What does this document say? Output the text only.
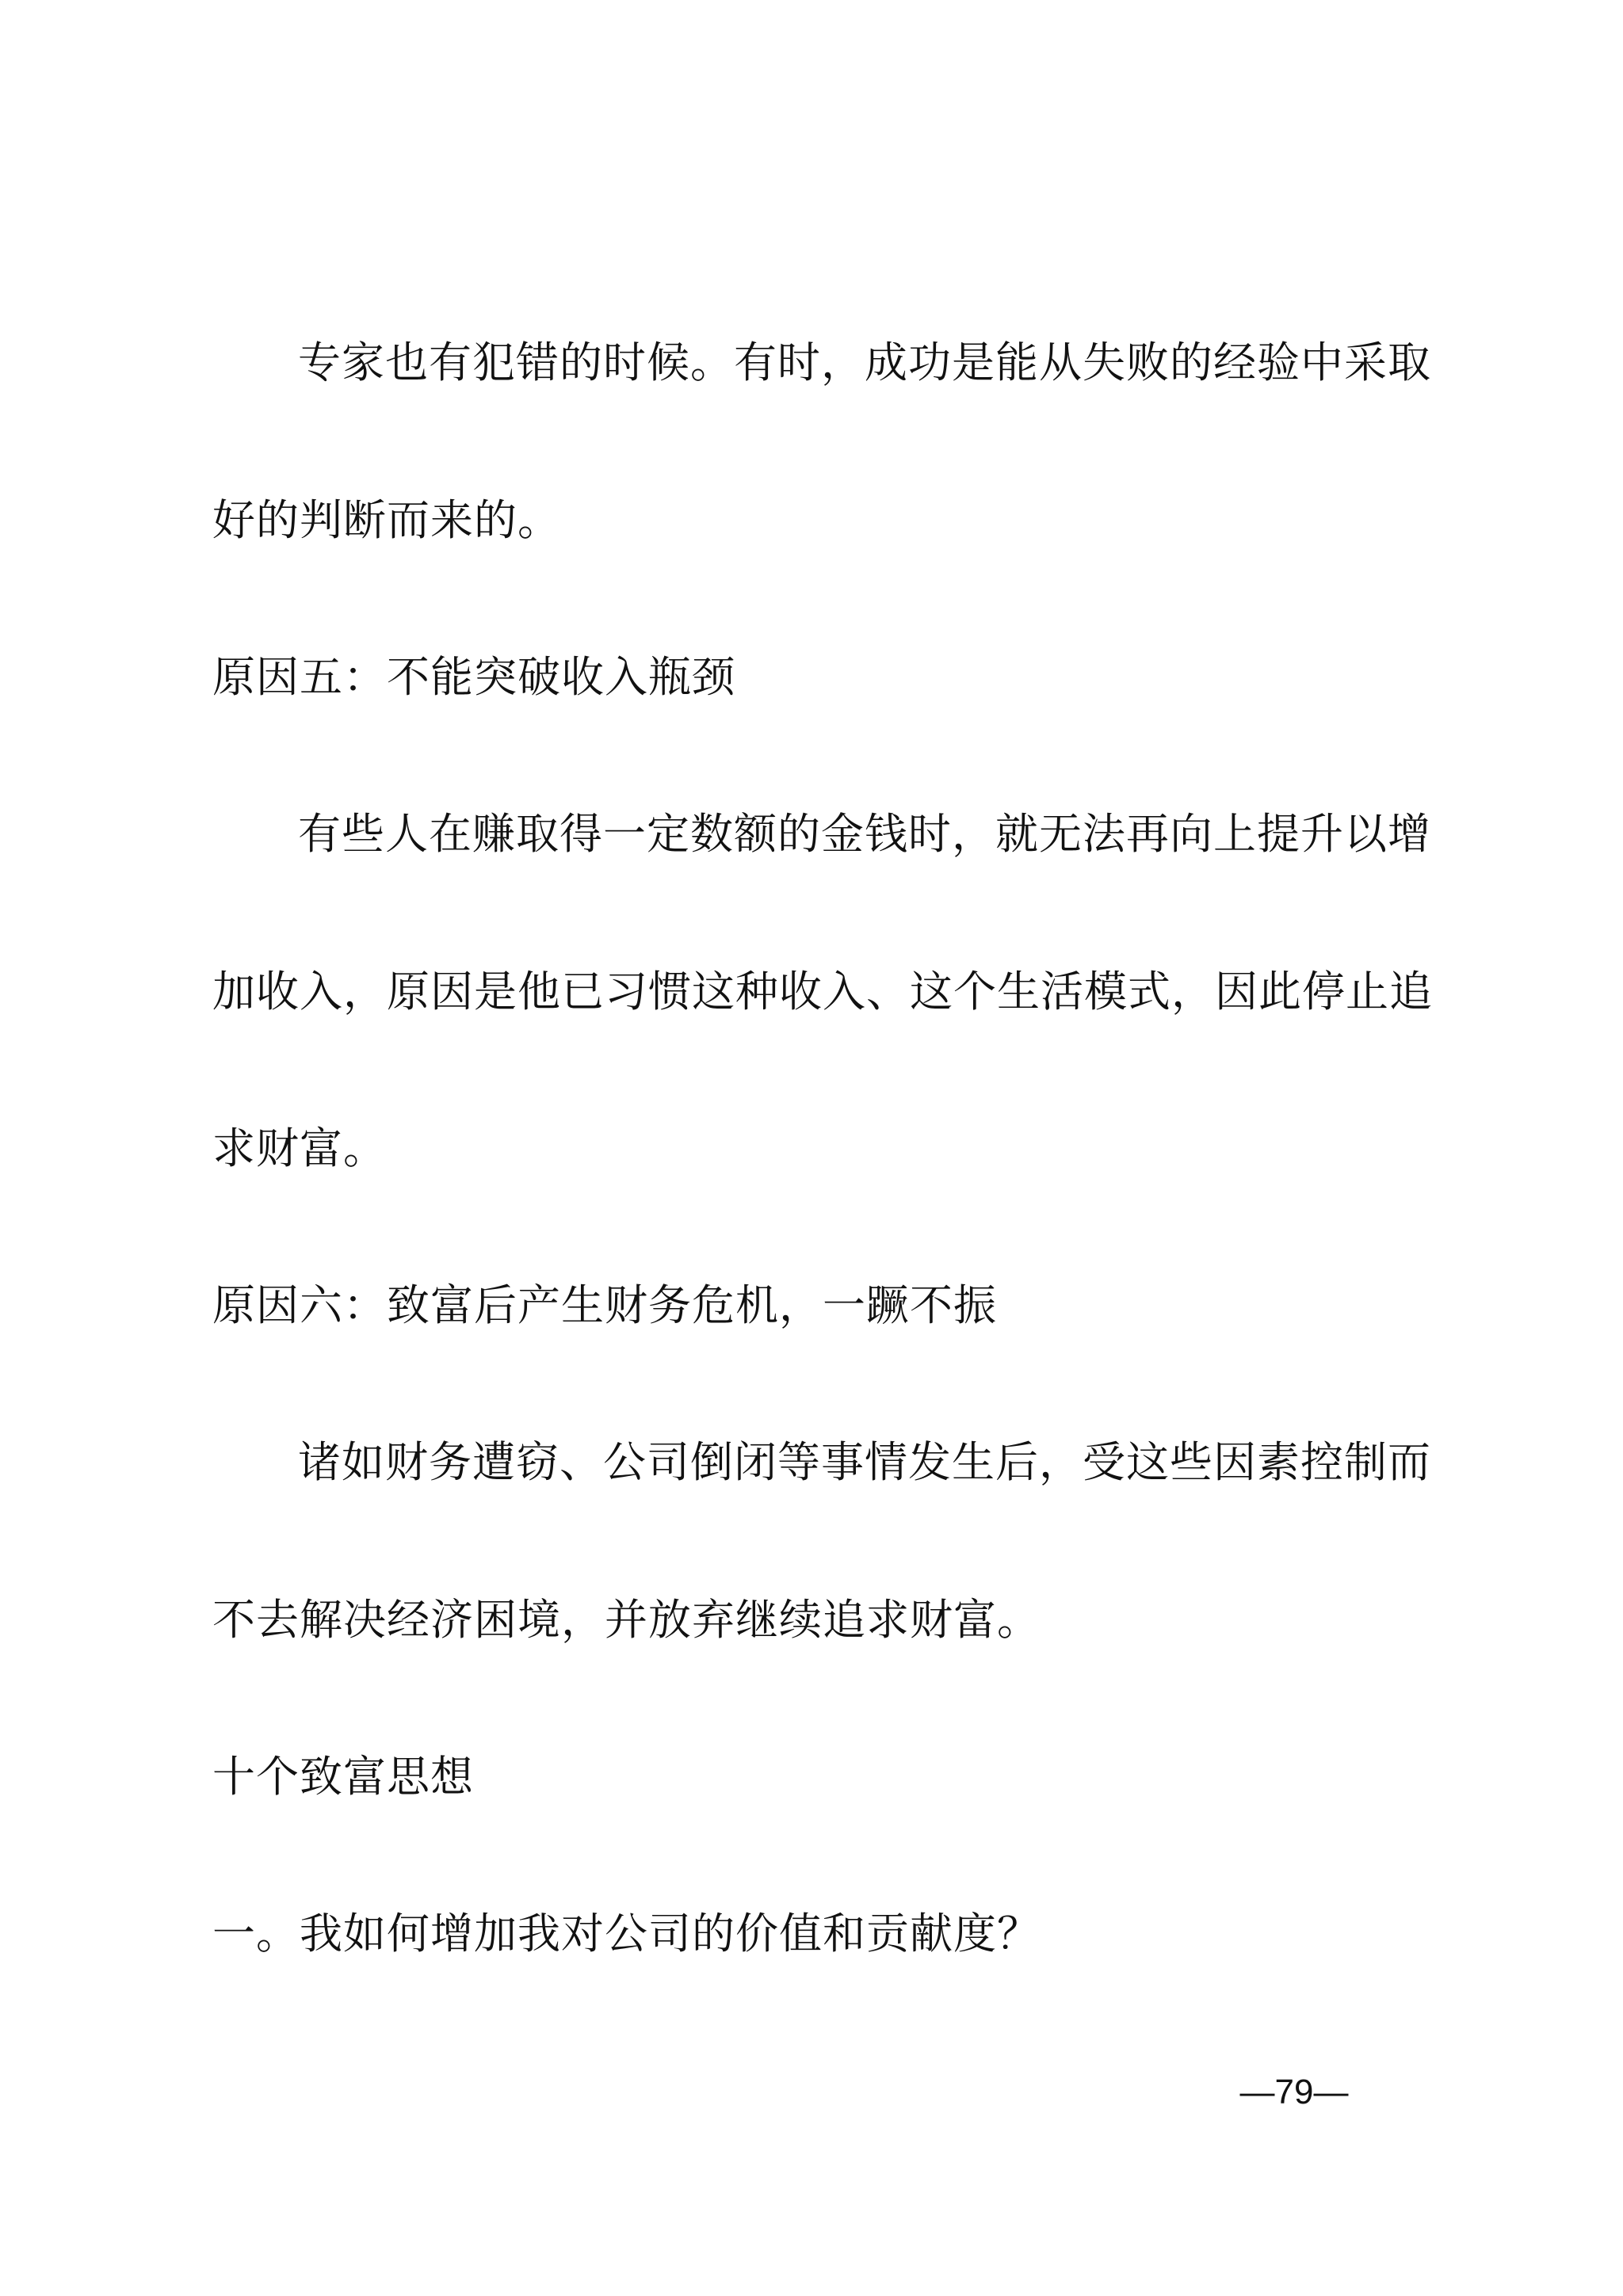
专家也有犯错的时候。有时，成功是能从失败的经验中采取
好的判断而来的。
原因五：不能突破收入瓶颈
有些人在赚取得一定数额的金钱时，就无法再向上提升以增
加收入，原因是他已习惯这种收入、这个生活模式，因此停止追
求财富。
原因六：致富后产生财务危机，一蹶不振
诸如财务遭窃、公司倒闭等事情发生后，受这些因素控制而
不去解决经济困境，并放弃继续追求财富。
十个致富思想
一。我如何增加我对公司的价值和贡献度？
—79—
